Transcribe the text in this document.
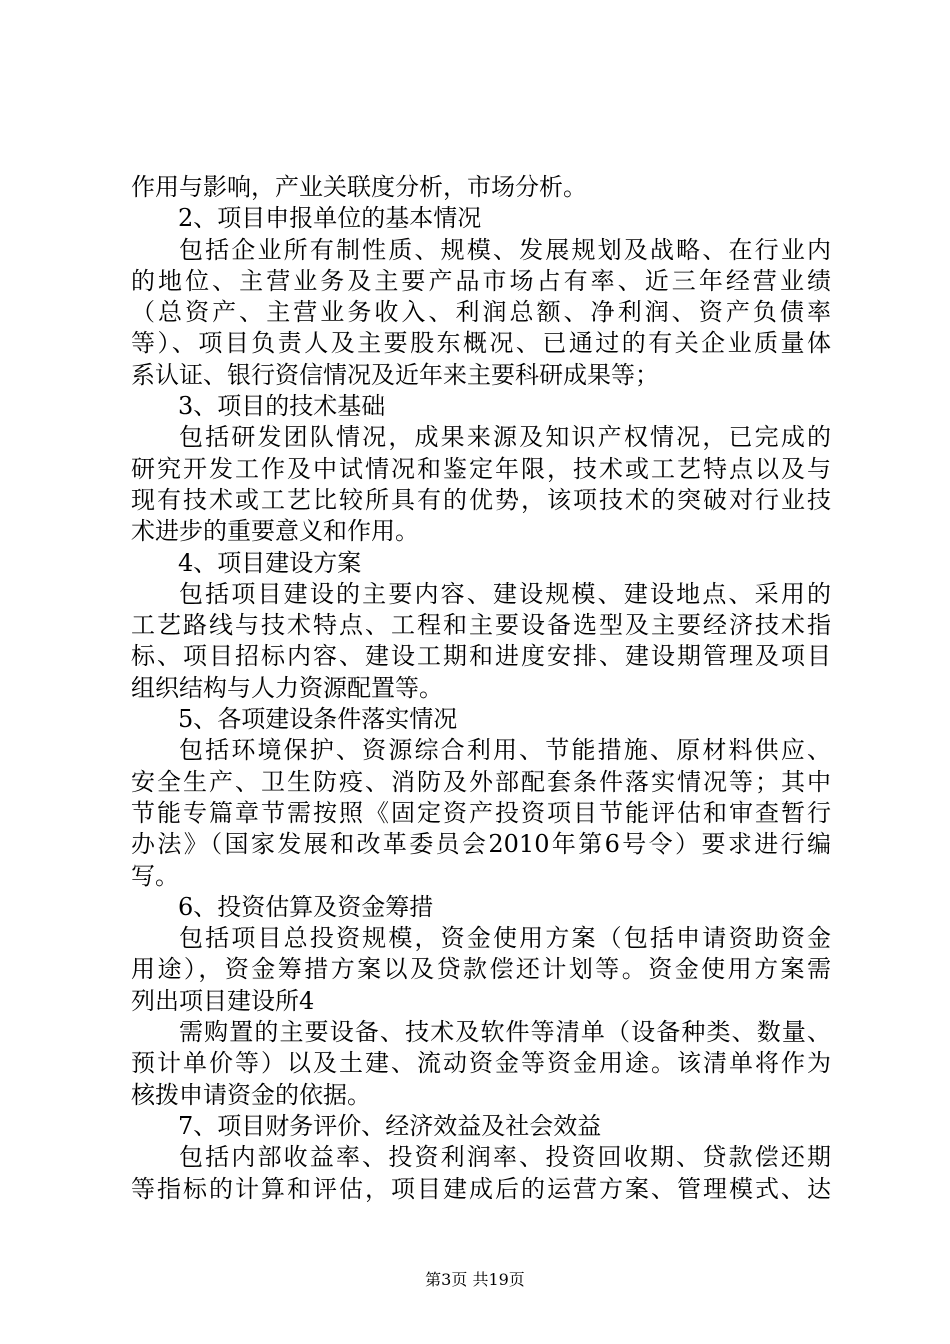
作用与影响，产业关联度分析，市场分析。
2、项目申报单位的基本情况
包括企业所有制性质、规模、发展规划及战略、在行业内
的地位、主营业务及主要产品市场占有率、近三年经营业绩
（总资产、主营业务收入、利润总额、净利润、资产负债率
等）、项目负责人及主要股东概况、已通过的有关企业质量体
系认证、银行资信情况及近年来主要科研成果等；
3、项目的技术基础
包括研发团队情况，成果来源及知识产权情况，已完成的
研究开发工作及中试情况和鉴定年限，技术或工艺特点以及与
现有技术或工艺比较所具有的优势，该项技术的突破对行业技
术进步的重要意义和作用。
4、项目建设方案
包括项目建设的主要内容、建设规模、建设地点、采用的
工艺路线与技术特点、工程和主要设备选型及主要经济技术指
标、项目招标内容、建设工期和进度安排、建设期管理及项目
组织结构与人力资源配置等。
5、各项建设条件落实情况
包括环境保护、资源综合利用、节能措施、原材料供应、
安全生产、卫生防疫、消防及外部配套条件落实情况等；其中
节能专篇章节需按照《固定资产投资项目节能评估和审查暂行
办法》（国家发展和改革委员会2010年第6号令）要求进行编
写。
6、投资估算及资金筹措
包括项目总投资规模，资金使用方案（包括申请资助资金
用途），资金筹措方案以及贷款偿还计划等。资金使用方案需
列出项目建设所4
需购置的主要设备、技术及软件等清单（设备种类、数量、
预计单价等）以及土建、流动资金等资金用途。该清单将作为
核拨申请资金的依据。
7、项目财务评价、经济效益及社会效益
包括内部收益率、投资利润率、投资回收期、贷款偿还期
等指标的计算和评估，项目建成后的运营方案、管理模式、达
第3页 共19页
